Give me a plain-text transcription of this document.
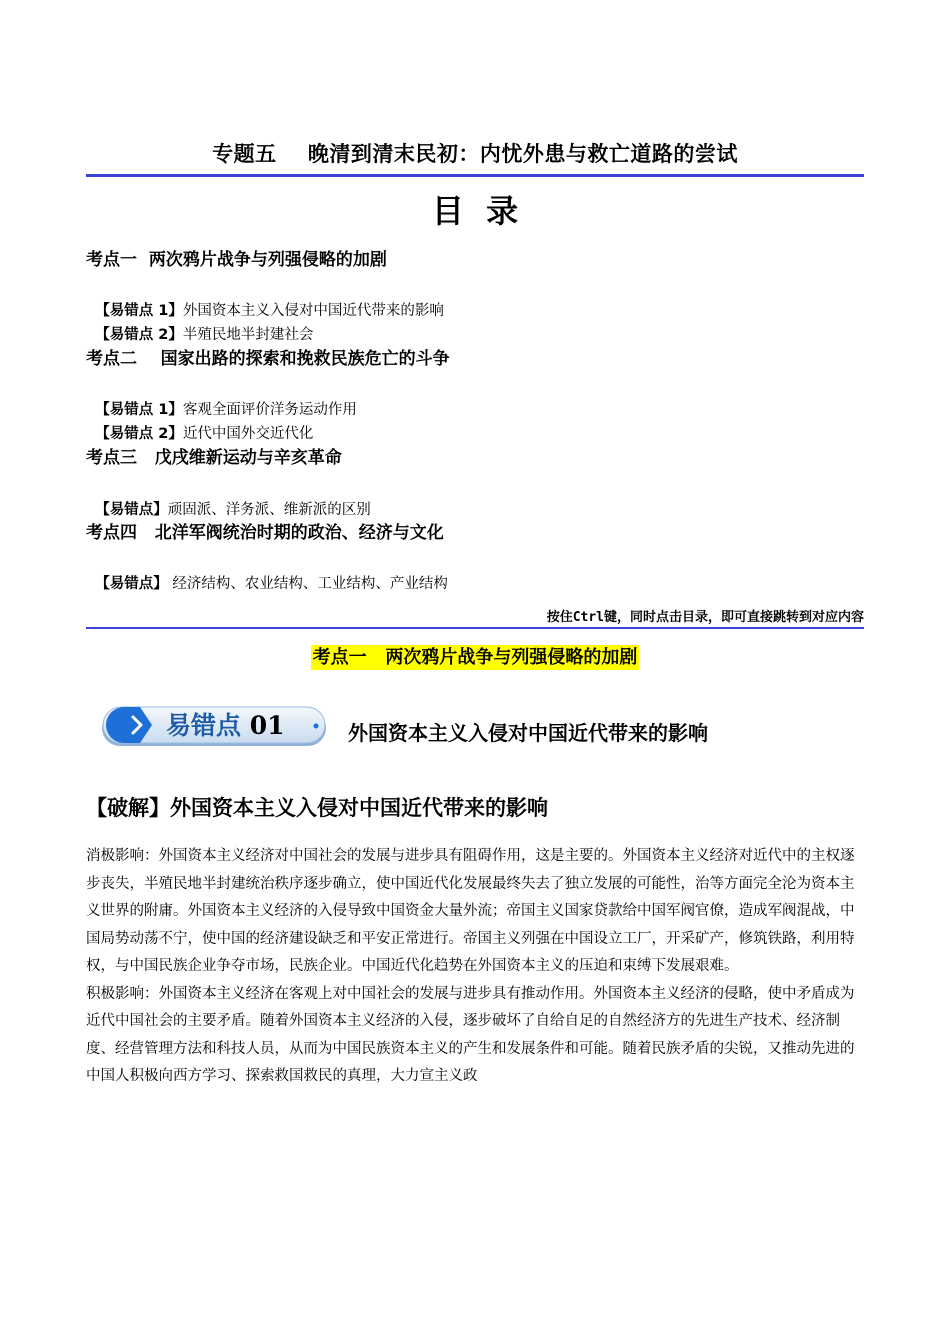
专题五    晚清到清末民初：内忧外患与救亡道路的尝试
目  录
考点一  两次鸦片战争与列强侵略的加剧

【易错点 1】外国资本主义入侵对中国近代带来的影响

【易错点 2】半殖民地半封建社会

考点二    国家出路的探索和挽救民族危亡的斗争

【易错点 1】客观全面评价洋务运动作用

【易错点 2】近代中国外交近代化

考点三   戊戌维新运动与辛亥革命

【易错点】顽固派、洋务派、维新派的区别

考点四   北洋军阀统治时期的政治、经济与文化

【易错点】 经济结构、农业结构、工业结构、产业结构

按住Ctrl键，同时点击目录，即可直接跳转到对应内容
考点一   两次鸦片战争与列强侵略的加剧
易错点 01	外国资本主义入侵对中国近代带来的影响
【破解】外国资本主义入侵对中国近代带来的影响

消极影响：外国资本主义经济对中国社会的发展与进步具有阻碍作用，这是主要的。外国资本主义经济对近代中的主权逐步丧失，半殖民地半封建统治秩序逐步确立，使中国近代化发展最终失去了独立发展的可能性，治等方面完全沦为资本主义世界的附庸。外国资本主义经济的入侵导致中国资金大量外流；帝国主义国家贷款给中国军阀官僚，造成军阀混战，中国局势动荡不宁，使中国的经济建设缺乏和平安正常进行。帝国主义列强在中国设立工厂，开采矿产，修筑铁路，利用特权，与中国民族企业争夺市场，民族企业。中国近代化趋势在外国资本主义的压迫和束缚下发展艰难。

积极影响：外国资本主义经济在客观上对中国社会的发展与进步具有推动作用。外国资本主义经济的侵略，使中矛盾成为近代中国社会的主要矛盾。随着外国资本主义经济的入侵，逐步破坏了自给自足的自然经济方的先进生产技术、经济制度、经营管理方法和科技人员，从而为中国民族资本主义的产生和发展条件和可能。随着民族矛盾的尖锐，又推动先进的中国人积极向西方学习、探索救国救民的真理，大力宣主义政
